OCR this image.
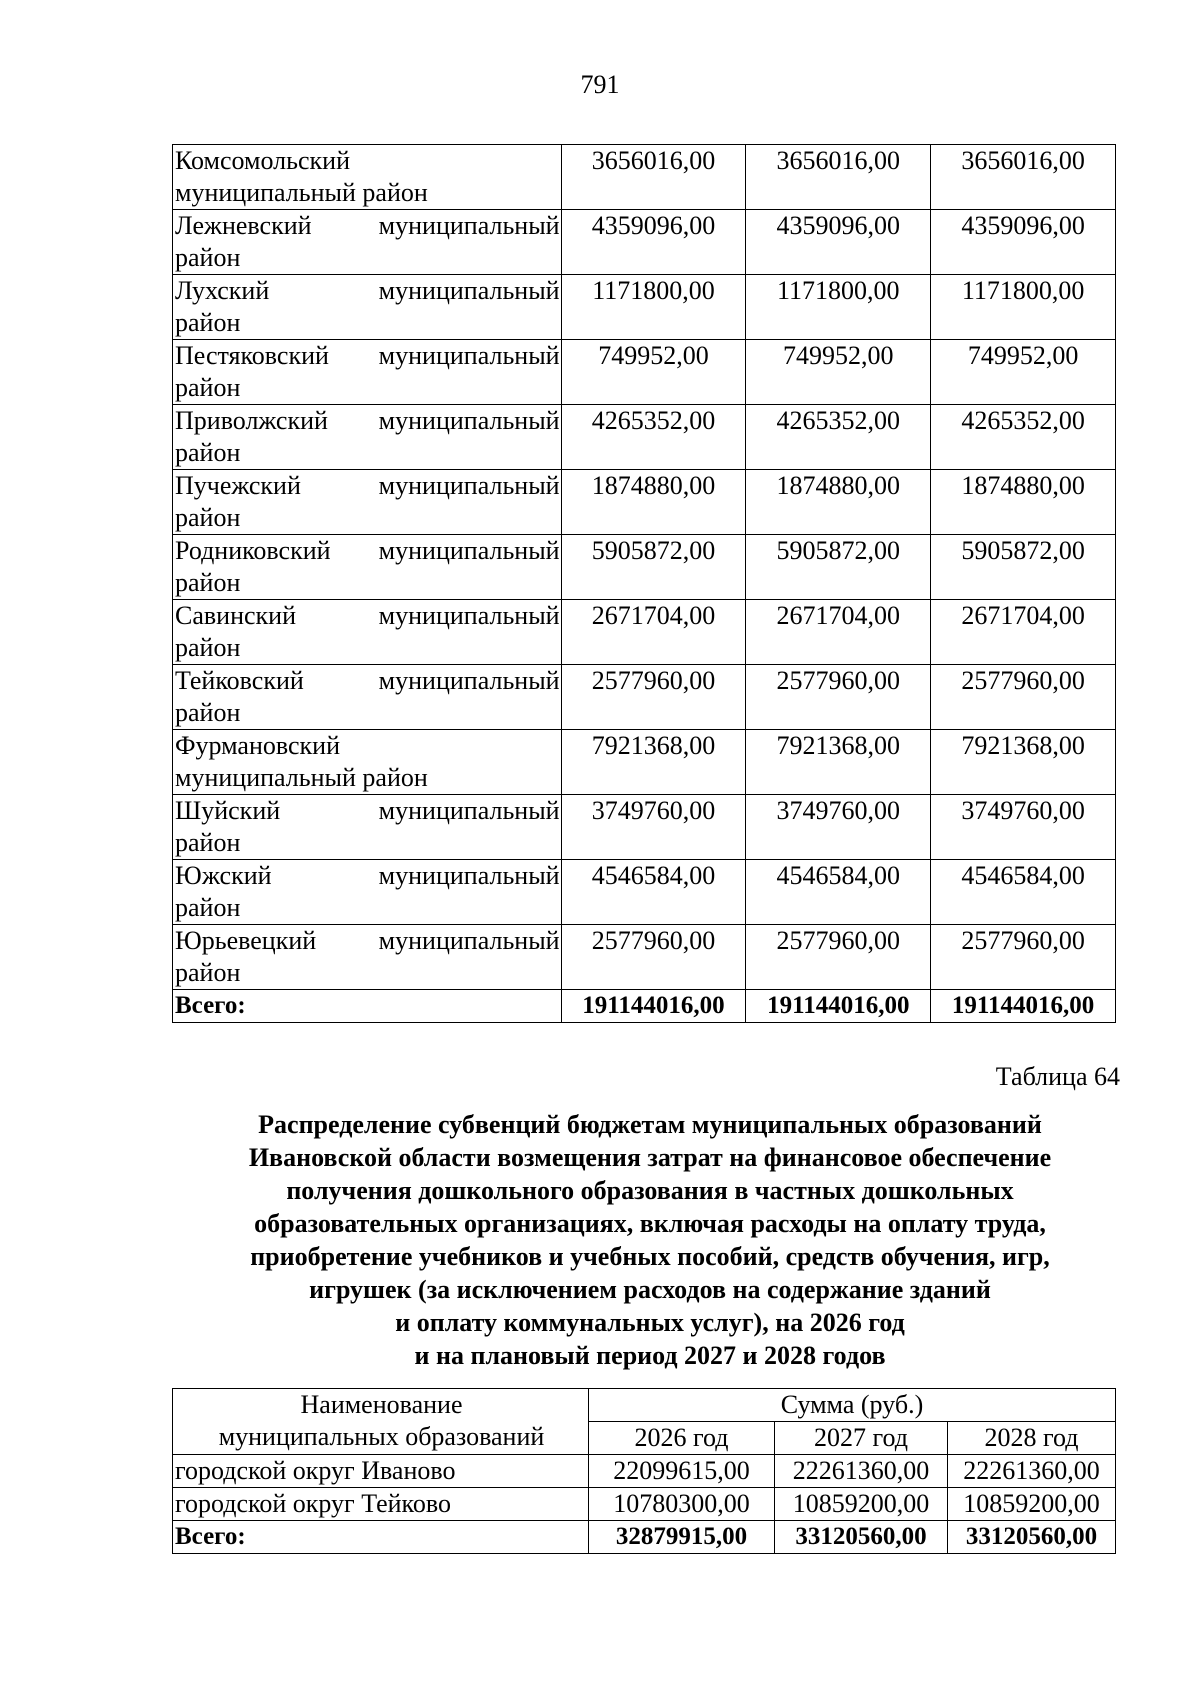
791
Комсомольский
муниципальный район	3656016,00	3656016,00	3656016,00

Лежневский муниципальный
район	4359096,00	4359096,00	4359096,00

Лухский муниципальный
район	1171800,00	1171800,00	1171800,00

Пестяковский муниципальный
район	749952,00	749952,00	749952,00

Приволжский муниципальный
район	4265352,00	4265352,00	4265352,00

Пучежский муниципальный
район	1874880,00	1874880,00	1874880,00

Родниковский муниципальный
район	5905872,00	5905872,00	5905872,00

Савинский муниципальный
район	2671704,00	2671704,00	2671704,00

Тейковский муниципальный
район	2577960,00	2577960,00	2577960,00

Фурмановский
муниципальный район	7921368,00	7921368,00	7921368,00

Шуйский муниципальный
район	3749760,00	3749760,00	3749760,00

Южский муниципальный
район	4546584,00	4546584,00	4546584,00

Юрьевецкий муниципальный
район	2577960,00	2577960,00	2577960,00
Всего:	191144016,00	191144016,00	191144016,00
Таблица 64
Распределение субвенций бюджетам муниципальных образований
Ивановской области возмещения затрат на финансовое обеспечение
получения дошкольного образования в частных дошкольных
образовательных организациях, включая расходы на оплату труда,
приобретение учебников и учебных пособий, средств обучения, игр,
игрушек (за исключением расходов на содержание зданий
и оплату коммунальных услуг), на 2026 год
и на плановый период 2027 и 2028 годов
Наименование
муниципальных образований	Сумма (руб.)		
	2026 год	2027 год	2028 год
городской округ Иваново	22099615,00	22261360,00	22261360,00
городской округ Тейково	10780300,00	10859200,00	10859200,00
Всего:	32879915,00	33120560,00	33120560,00
